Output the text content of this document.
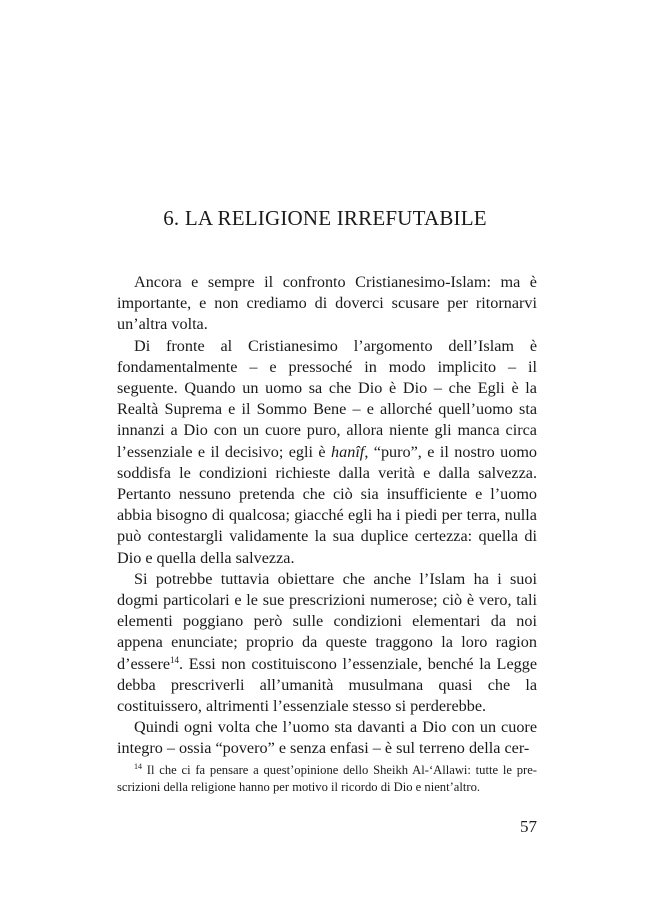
6. LA RELIGIONE IRREFUTABILE

Ancora e sempre il confronto Cristianesimo-Islam: ma è importante, e non crediamo di doverci scusare per ritornarvi un’altra volta.

Di fronte al Cristianesimo l’argomento dell’Islam è fondamentalmente – e pressoché in modo implicito – il seguente. Quando un uomo sa che Dio è Dio – che Egli è la Realtà Suprema e il Sommo Bene – e allorché quell’uomo sta innanzi a Dio con un cuore puro, allora niente gli manca circa l’essenziale e il decisivo; egli è hanîf, “puro”, e il nostro uomo soddisfa le condizioni richieste dalla verità e dalla salvezza. Pertanto nessuno pretenda che ciò sia insufficiente e l’uomo abbia bisogno di qualcosa; giacché egli ha i piedi per terra, nulla può contestargli validamente la sua duplice certezza: quella di Dio e quella della salvezza.

Si potrebbe tuttavia obiettare che anche l’Islam ha i suoi dogmi particolari e le sue prescrizioni numerose; ciò è vero, tali elementi poggiano però sulle condizioni elementari da noi appena enunciate; proprio da queste traggono la loro ragion d’essere$^{14}$. Essi non costituiscono l’essenziale, benché la Legge debba prescriverli all’umanità musulmana quasi che la costituissero, altrimenti l’essenziale stesso si perderebbe.

Quindi ogni volta che l’uomo sta davanti a Dio con un cuore integro – ossia “povero” e senza enfasi – è sul terreno della cer-

$^{14}$ Il che ci fa pensare a quest’opinione dello Sheikh Al-‘Allawi: tutte le prescrizioni della religione hanno per motivo il ricordo di Dio e nient’altro.
57
